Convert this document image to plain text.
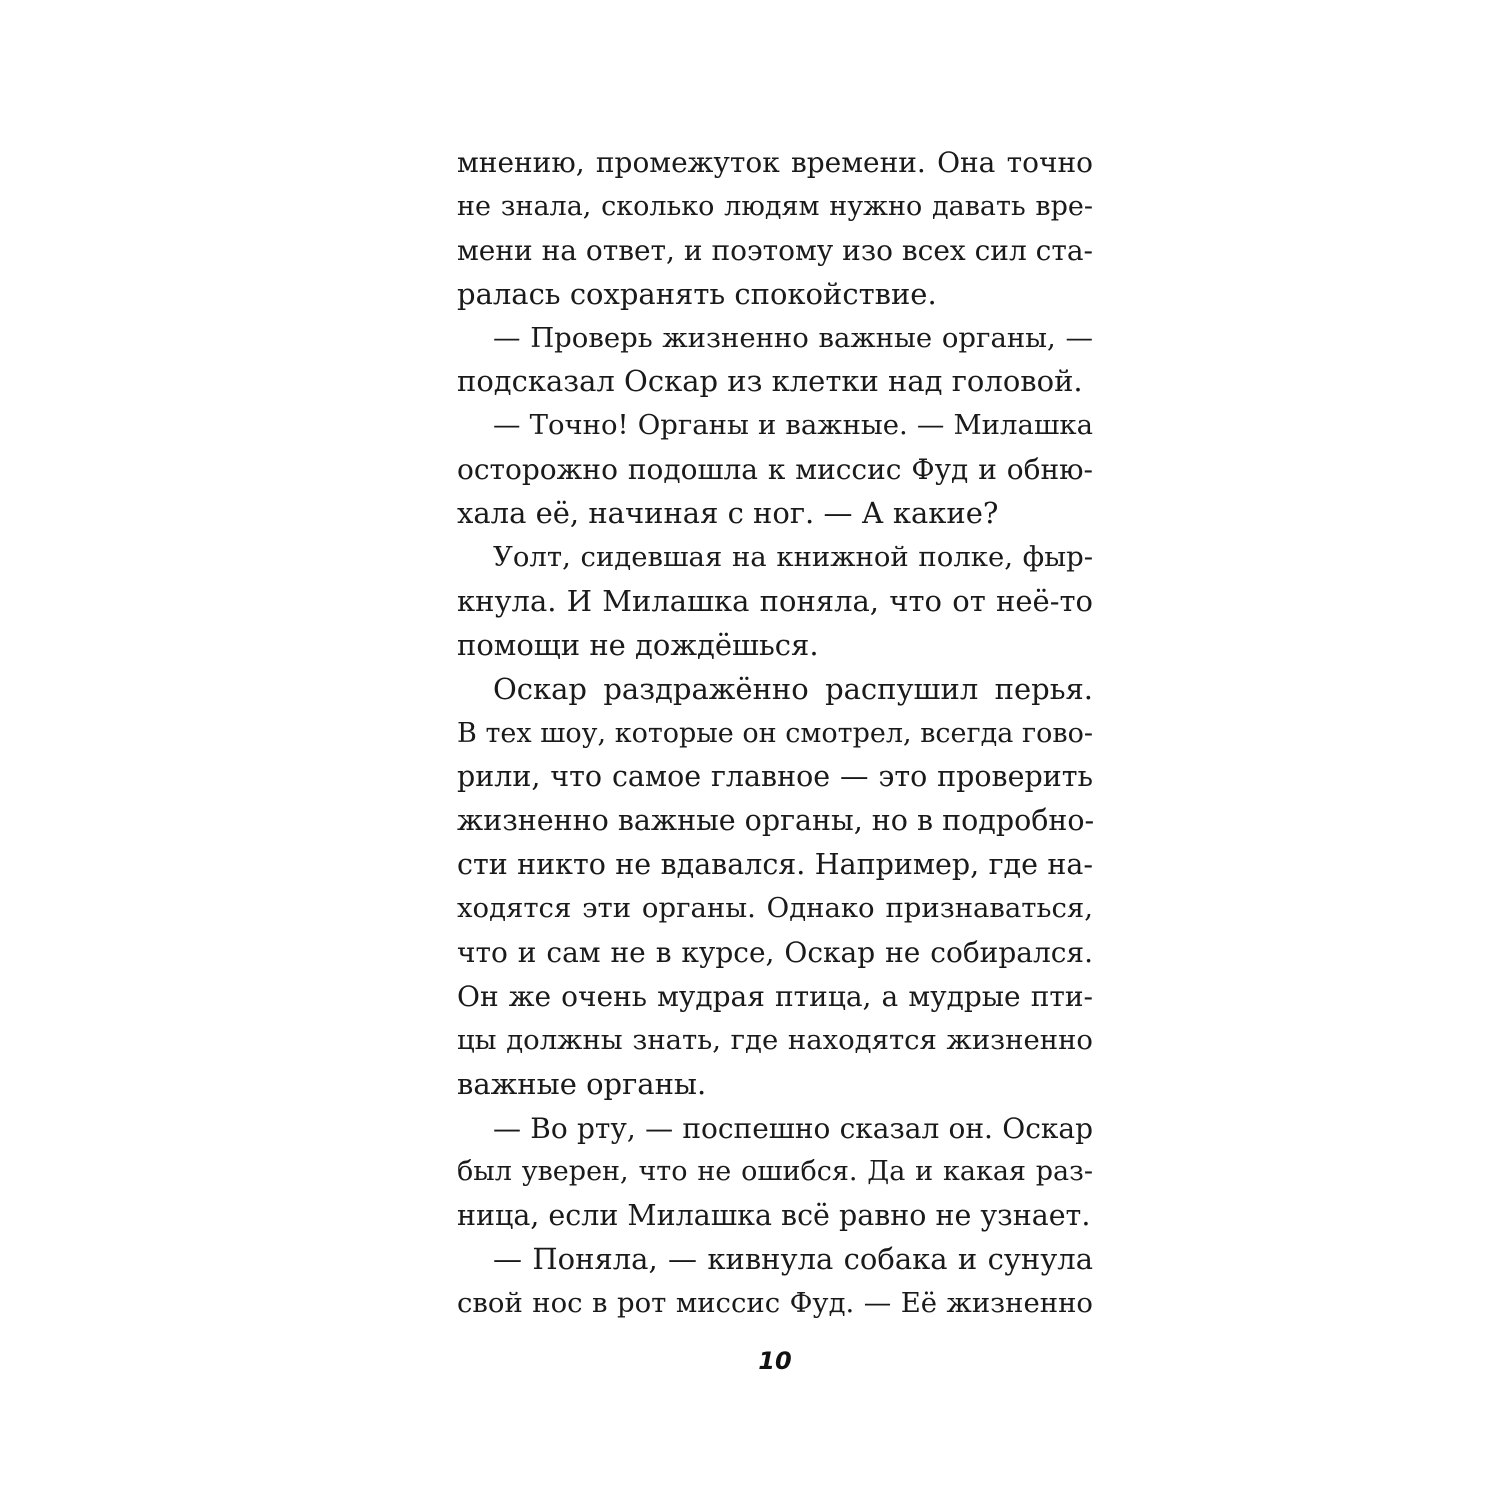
мнению, промежуток времени. Она точно
не знала, сколько людям нужно давать вре-
мени на ответ, и поэтому изо всех сил ста-
ралась сохранять спокойствие.
— Проверь жизненно важные органы, —
подсказал Оскар из клетки над головой.
— Точно! Органы и важные. — Милашка
осторожно подошла к миссис Фуд и обню-
хала её, начиная с ног. — А какие?
Уолт, сидевшая на книжной полке, фыр-
кнула. И Милашка поняла, что от неё-то
помощи не дождёшься.
Оскар раздражённо распушил перья.
В тех шоу, которые он смотрел, всегда гово-
рили, что самое главное — это проверить
жизненно важные органы, но в подробно-
сти никто не вдавался. Например, где на-
ходятся эти органы. Однако признаваться,
что и сам не в курсе, Оскар не собирался.
Он же очень мудрая птица, а мудрые пти-
цы должны знать, где находятся жизненно
важные органы.
— Во рту, — поспешно сказал он. Оскар
был уверен, что не ошибся. Да и какая раз-
ница, если Милашка всё равно не узнает.
— Поняла, — кивнула собака и сунула
свой нос в рот миссис Фуд. — Её жизненно
10
